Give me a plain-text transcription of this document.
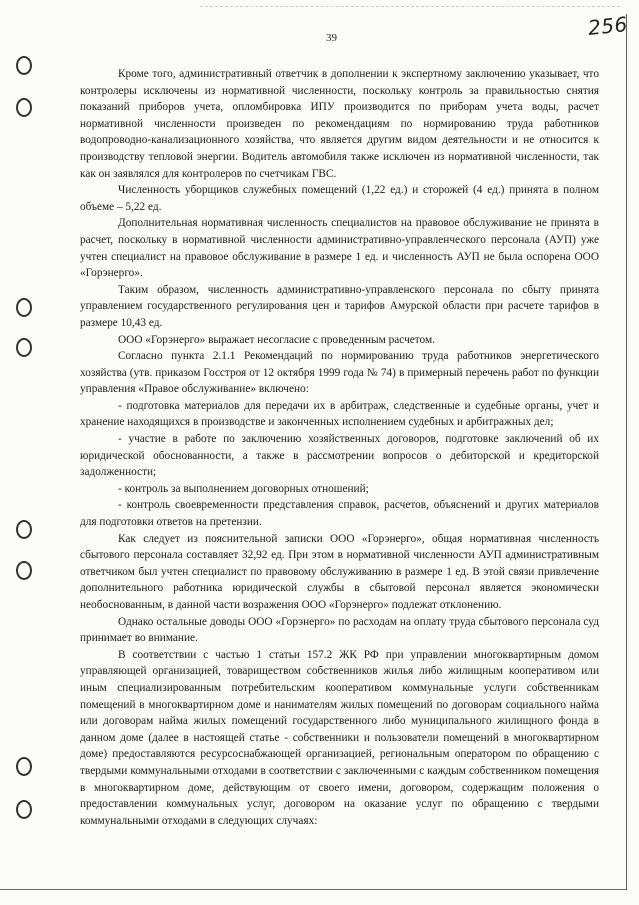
39	256

Кроме того, административный ответчик в дополнении к экспертному заключению указывает, что контролеры исключены из нормативной численности, поскольку контроль за правильностью снятия показаний приборов учета, опломбировка ИПУ производится по приборам учета воды, расчет нормативной численности произведен по рекомендациям по нормированию труда работников водопроводно-канализационного хозяйства, что является другим видом деятельности и не относится к производству тепловой энергии. Водитель автомобиля также исключен из нормативной численности, так как он заявлялся для контролеров по счетчикам ГВС.

Численность уборщиков служебных помещений (1,22 ед.) и сторожей (4 ед.) принята в полном объеме – 5,22 ед.

Дополнительная нормативная численность специалистов на правовое обслуживание не принята в расчет, поскольку в нормативной численности административно-управленческого персонала (АУП) уже учтен специалист на правовое обслуживание в размере 1 ед. и численность АУП не была оспорена ООО «Горэнерго».

Таким образом, численность административно-управленского персонала по сбыту принята управлением государственного регулирования цен и тарифов Амурской области при расчете тарифов в размере 10,43 ед.

ООО «Горэнерго» выражает несогласие с проведенным расчетом.

Согласно пункта 2.1.1 Рекомендаций по нормированию труда работников энергетического хозяйства (утв. приказом Госстроя от 12 октября 1999 года № 74) в примерный перечень работ по функции управления «Правое обслуживание» включено:

- подготовка материалов для передачи их в арбитраж, следственные и судебные органы, учет и хранение находящихся в производстве и законченных исполнением судебных и арбитражных дел;

- участие в работе по заключению хозяйственных договоров, подготовке заключений об их юридической обоснованности, а также в рассмотрении вопросов о дебиторской и кредиторской задолженности;

- контроль за выполнением договорных отношений;

- контроль своевременности представления справок, расчетов, объяснений и других материалов для подготовки ответов на претензии.

Как следует из пояснительной записки ООО «Горэнерго», общая нормативная численность сбытового персонала составляет 32,92 ед. При этом в нормативной численности АУП административным ответчиком был учтен специалист по правовому обслуживанию в размере 1 ед. В этой связи привлечение дополнительного работника юридической службы в сбытовой персонал является экономически необоснованным, в данной части возражения ООО «Горэнерго» подлежат отклонению.

Однако остальные доводы ООО «Горэнерго» по расходам на оплату труда сбытового персонала суд принимает во внимание.

В соответствии с частью 1 статьи 157.2 ЖК РФ при управлении многоквартирным домом управляющей организацией, товариществом собственников жилья либо жилищным кооперативом или иным специализированным потребительским кооперативом коммунальные услуги собственникам помещений в многоквартирном доме и нанимателям жилых помещений по договорам социального найма или договорам найма жилых помещений государственного либо муниципального жилищного фонда в данном доме (далее в настоящей статье - собственники и пользователи помещений в многоквартирном доме) предоставляются ресурсоснабжающей организацией, региональным оператором по обращению с твердыми коммунальными отходами в соответствии с заключенными с каждым собственником помещения в многоквартирном доме, действующим от своего имени, договором, содержащим положения о предоставлении коммунальных услуг, договором на оказание услуг по обращению с твердыми коммунальными отходами в следующих случаях:
